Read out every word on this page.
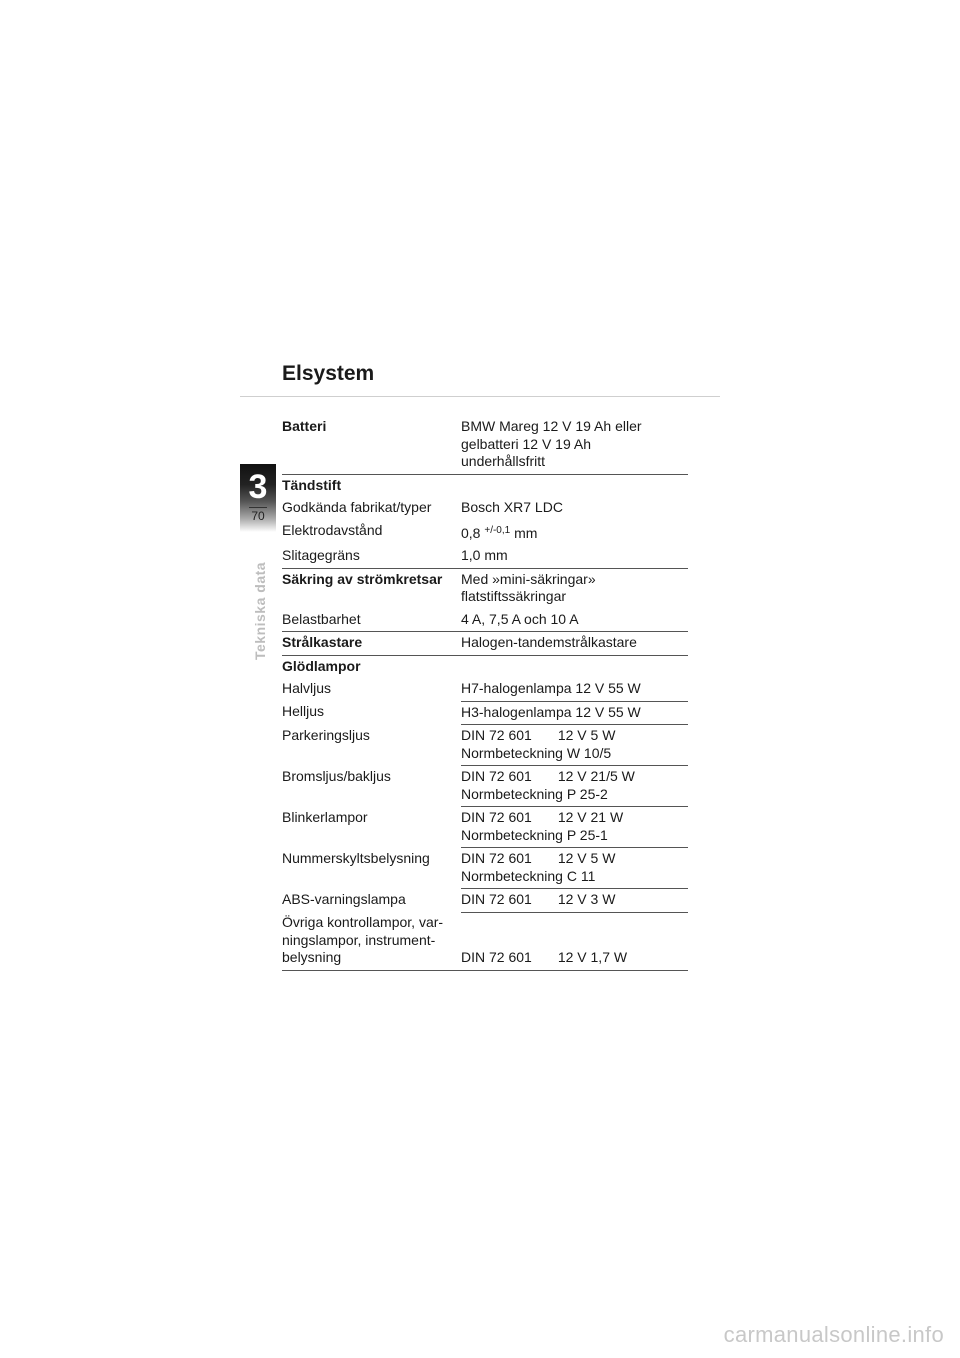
Elsystem
3
70
Tekniska data
Batteri	BMW Mareg 12 V 19 Ah eller
gelbatteri 12 V 19 Ah
underhållsfritt
Tändstift	
Godkända fabrikat/typer	Bosch XR7 LDC
Elektrodavstånd	0,8 $^{+/-0,1}$ mm
Slitagegräns	1,0 mm
Säkring av strömkretsar	Med »mini-säkringar»
flatstiftssäkringar
Belastbarhet	4 A, 7,5 A och 10 A
Strålkastare	Halogen-tandemstrålkastare
Glödlampor	
Halvljus	H7-halogenlampa 12 V 55 W
Helljus	H3-halogenlampa 12 V 55 W
Parkeringsljus	DIN 72 601 12 V 5 W
Normbeteckning W 10/5
Bromsljus/bakljus	DIN 72 601 12 V 21/5 W
Normbeteckning P 25-2
Blinkerlampor	DIN 72 601 12 V 21 W
Normbeteckning P 25-1
Nummerskyltsbelysning	DIN 72 601 12 V 5 W
Normbeteckning C 11
ABS-varningslampa	DIN 72 601 12 V 3 W
Övriga kontrollampor, var-
ningslampor, instrument-
belysning	DIN 72 601 12 V 1,7 W
carmanualsonline.info
